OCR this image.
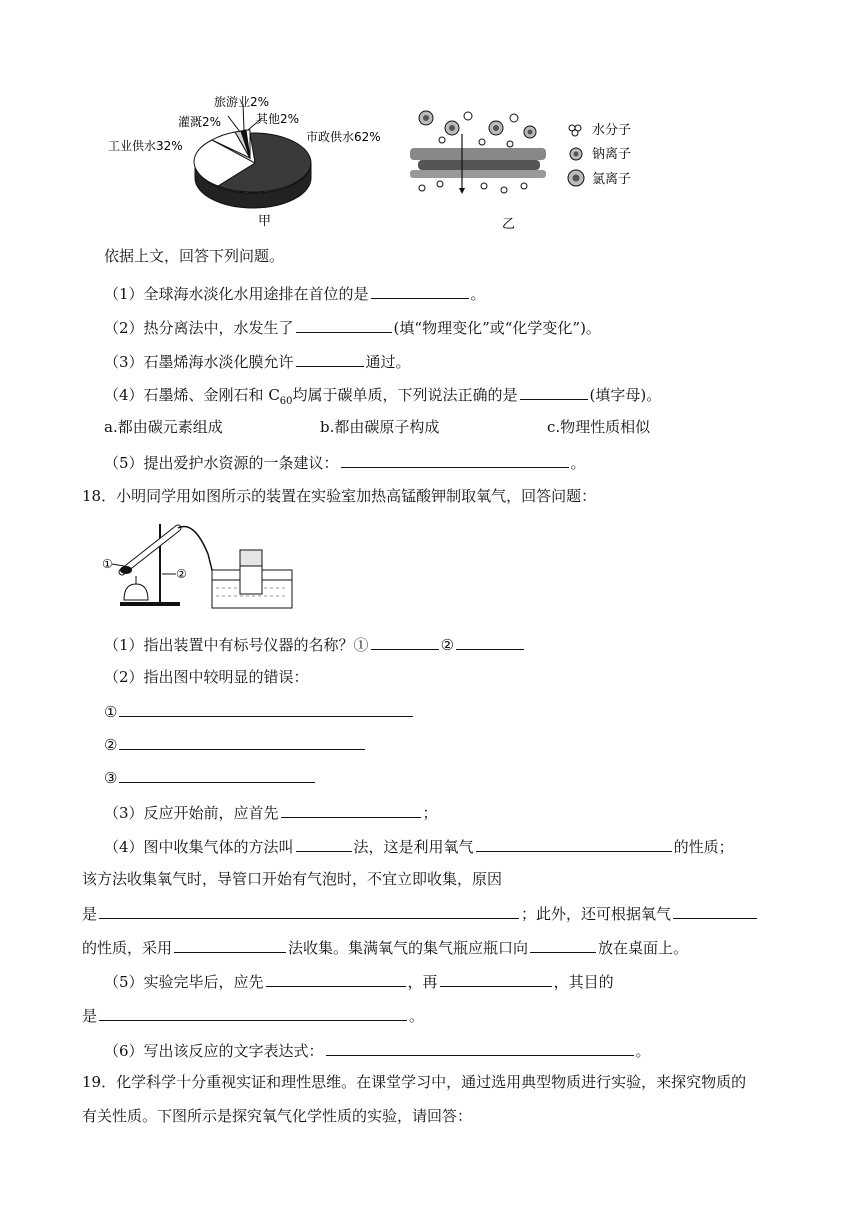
旅游业2%
灌溉2%	其他2%
工业供水32%
市政供水62%
甲
水分子
钠离子
氯离子
乙
依据上文，回答下列问题。
（1）全球海水淡化水用途排在首位的是	。
（2）热分离法中，水发生了	(填“物理变化”或“化学变化”)。
（3）石墨烯海水淡化膜允许	通过。
（4）石墨烯、金刚石和 $C_{60}$均属于碳单质，下列说法正确的是	(填字母)。
a.都由碳元素组成	b.都由碳原子构成	c.物理性质相似
（5）提出爱护水资源的一条建议：	。
18．小明同学用如图所示的装置在实验室加热高锰酸钾制取氧气，回答问题：
①
②
（1）指出装置中有标号仪器的名称？①	②
（2）指出图中较明显的错误：
①
②
③
（3）反应开始前，应首先	；
（4）图中收集气体的方法叫	法，这是利用氧气	的性质；
该方法收集氧气时，导管口开始有气泡时，不宜立即收集，原因
是	；此外，还可根据氧气
的性质，采用	法收集。集满氧气的集气瓶应瓶口向	放在桌面上。
（5）实验完毕后，应先	，再	，其目的
是	。
（6）写出该反应的文字表达式：	。
19．化学科学十分重视实证和理性思维。在课堂学习中，通过选用典型物质进行实验，来探究物质的
有关性质。下图所示是探究氧气化学性质的实验，请回答：
